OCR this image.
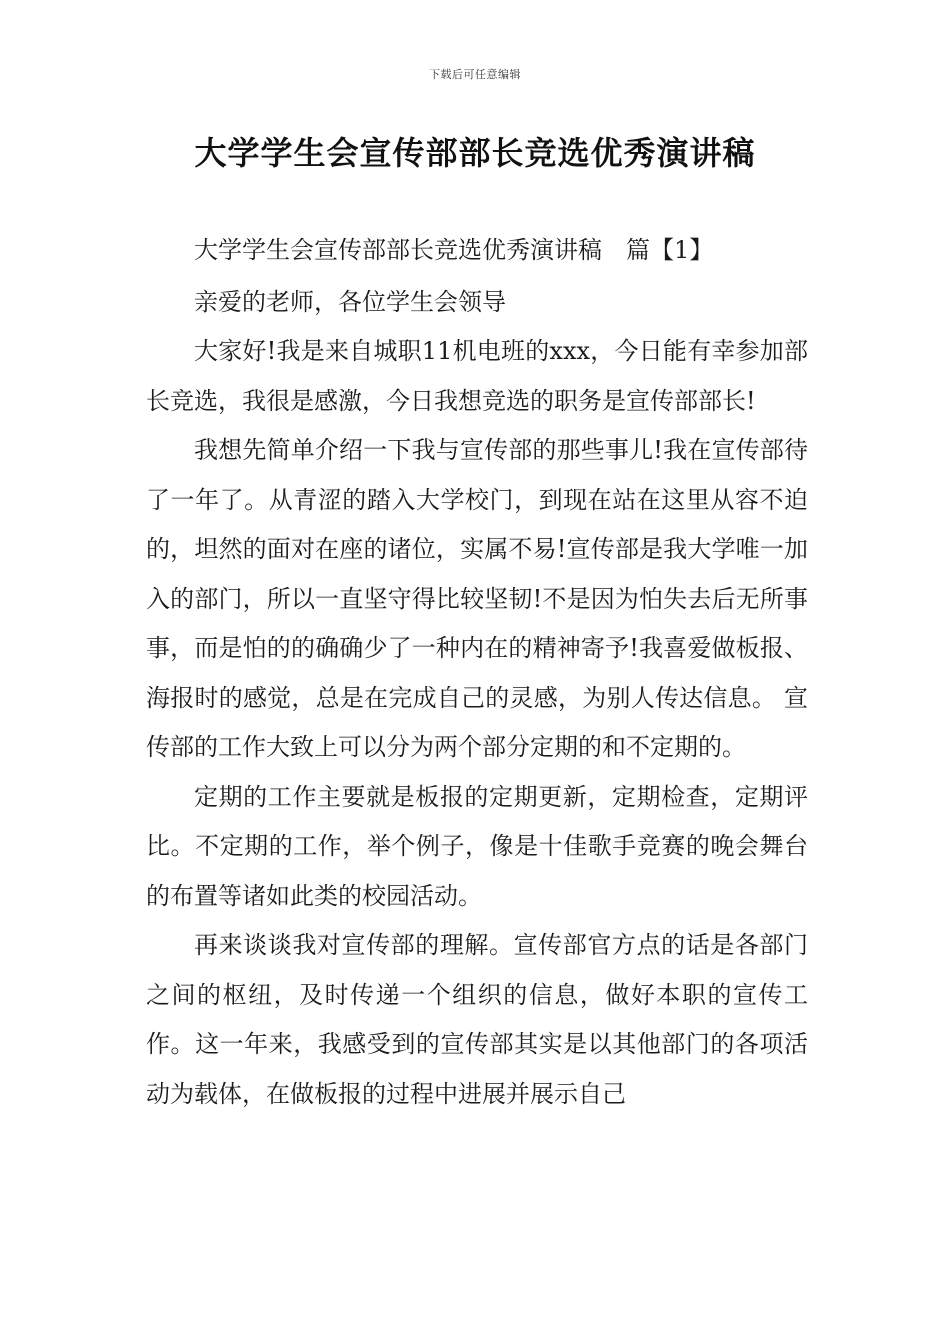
下载后可任意编辑
大学学生会宣传部部长竞选优秀演讲稿

大学学生会宣传部部长竞选优秀演讲稿　篇【1】

亲爱的老师，各位学生会领导

大家好!我是来自城职11机电班的xxx，今日能有幸参加部长竞选，我很是感激，今日我想竞选的职务是宣传部部长!

我想先简单介绍一下我与宣传部的那些事儿!我在宣传部待了一年了。从青涩的踏入大学校门，到现在站在这里从容不迫的，坦然的面对在座的诸位，实属不易!宣传部是我大学唯一加入的部门，所以一直坚守得比较坚韧!不是因为怕失去后无所事事，而是怕的的确确少了一种内在的精神寄予!我喜爱做板报、海报时的感觉，总是在完成自己的灵感，为别人传达信息。 宣传部的工作大致上可以分为两个部分定期的和不定期的。

定期的工作主要就是板报的定期更新，定期检查，定期评比。不定期的工作，举个例子，像是十佳歌手竞赛的晚会舞台的布置等诸如此类的校园活动。

再来谈谈我对宣传部的理解。宣传部官方点的话是各部门之间的枢纽，及时传递一个组织的信息，做好本职的宣传工作。这一年来，我感受到的宣传部其实是以其他部门的各项活动为载体，在做板报的过程中进展并展示自己
